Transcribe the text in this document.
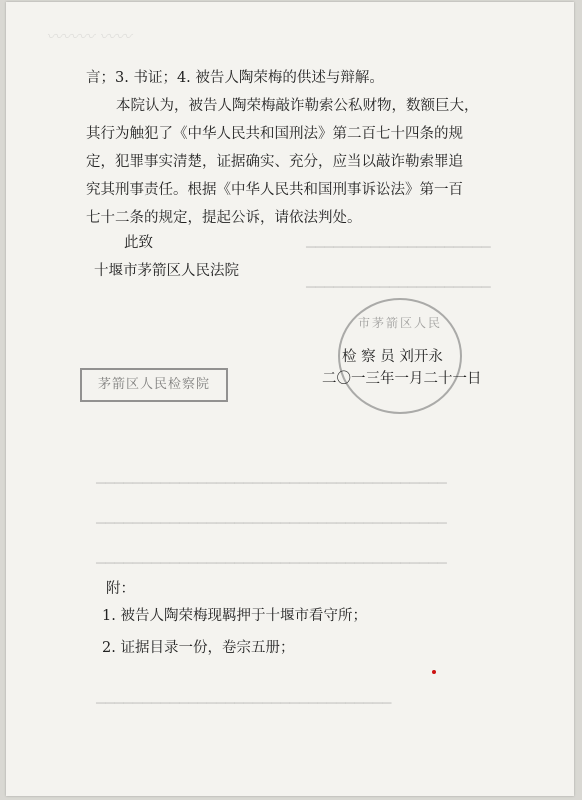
〰〰〰 〰〰
▁▁▁▁▁▁▁▁▁▁▁▁▁▁▁▁▁▁▁▁
▁▁▁▁▁▁▁▁▁▁▁▁▁▁▁▁▁▁▁▁
▁▁▁▁▁▁▁▁▁▁▁▁▁▁▁▁▁▁▁▁▁▁▁▁▁▁▁▁▁▁▁▁▁▁▁▁▁▁
▁▁▁▁▁▁▁▁▁▁▁▁▁▁▁▁▁▁▁▁▁▁▁▁▁▁▁▁▁▁▁▁▁▁▁▁▁▁
▁▁▁▁▁▁▁▁▁▁▁▁▁▁▁▁▁▁▁▁▁▁▁▁▁▁▁▁▁▁▁▁▁▁▁▁▁▁
▁▁▁▁▁▁▁▁▁▁▁▁▁▁▁▁▁▁▁▁▁▁▁▁▁▁▁▁▁▁▁▁
市茅箭区人民
茅箭区人民检察院
言；3. 书证；4. 被告人陶荣梅的供述与辩解。
本院认为，被告人陶荣梅敲诈勒索公私财物，数额巨大，
其行为触犯了《中华人民共和国刑法》第二百七十四条的规
定，犯罪事实清楚，证据确实、充分，应当以敲诈勒索罪追
究其刑事责任。根据《中华人民共和国刑事诉讼法》第一百
七十二条的规定，提起公诉，请依法判处。
此致
十堰市茅箭区人民法院
检 察 员 刘开永
二〇一三年一月二十一日
附：
1. 被告人陶荣梅现羁押于十堰市看守所；
2. 证据目录一份，卷宗五册；
